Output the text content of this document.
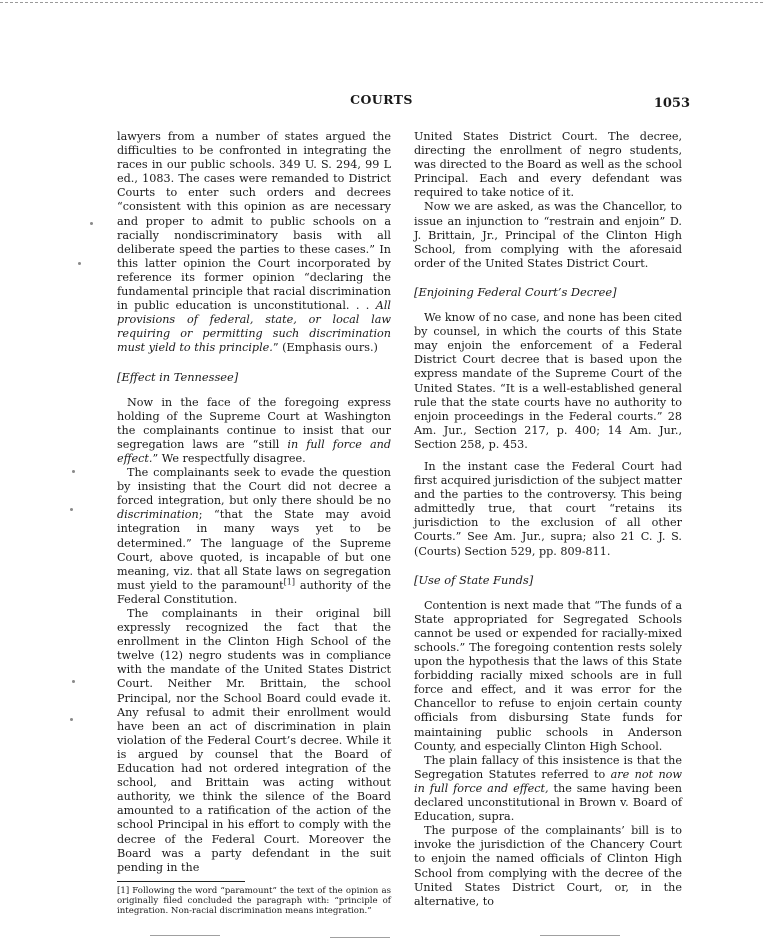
COURTS	1053

lawyers from a number of states argued the difficulties to be confronted in integrating the races in our public schools. 349 U. S. 294, 99 L ed., 1083. The cases were remanded to District Courts to enter such orders and decrees “consistent with this opinion as are necessary and proper to admit to public schools on a racially nondiscriminatory basis with all deliberate speed the parties to these cases.” In this latter opinion the Court incorporated by reference its former opinion “declaring the fundamental principle that racial discrimination in public education is unconstitutional. . . All provisions of federal, state, or local law requiring or permitting such discrimination must yield to this principle.” (Emphasis ours.)

[Effect in Tennessee]

Now in the face of the foregoing express holding of the Supreme Court at Washington the complainants continue to insist that our segregation laws are “still in full force and effect.” We respectfully disagree.

The complainants seek to evade the question by insisting that the Court did not decree a forced integration, but only there should be no discrimination; “that the State may avoid integration in many ways yet to be determined.” The language of the Supreme Court, above quoted, is incapable of but one meaning, viz. that all State laws on segregation must yield to the paramount[1] authority of the Federal Constitution.

The complainants in their original bill expressly recognized the fact that the enrollment in the Clinton High School of the twelve (12) negro students was in compliance with the mandate of the United States District Court. Neither Mr. Brittain, the school Principal, nor the School Board could evade it. Any refusal to admit their enrollment would have been an act of discrimination in plain violation of the Federal Court’s decree. While it is argued by counsel that the Board of Education had not ordered integration of the school, and Brittain was acting without authority, we think the silence of the Board amounted to a ratification of the action of the school Principal in his effort to comply with the decree of the Federal Court. Moreover the Board was a party defendant in the suit pending in the

[1] Following the word “paramount” the text of the opinion as originally filed concluded the paragraph with: “principle of integration. Non-racial discrimination means integration.”

United States District Court. The decree, directing the enrollment of negro students, was directed to the Board as well as the school Principal. Each and every defendant was required to take notice of it.

Now we are asked, as was the Chancellor, to issue an injunction to “restrain and enjoin” D. J. Brittain, Jr., Principal of the Clinton High School, from complying with the aforesaid order of the United States District Court.

[Enjoining Federal Court’s Decree]

We know of no case, and none has been cited by counsel, in which the courts of this State may enjoin the enforcement of a Federal District Court decree that is based upon the express mandate of the Supreme Court of the United States. “It is a well-established general rule that the state courts have no authority to enjoin proceedings in the Federal courts.” 28 Am. Jur., Section 217, p. 400; 14 Am. Jur., Section 258, p. 453.

In the instant case the Federal Court had first acquired jurisdiction of the subject matter and the parties to the controversy. This being admittedly true, that court “retains its jurisdiction to the exclusion of all other Courts.” See Am. Jur., supra; also 21 C. J. S. (Courts) Section 529, pp. 809-811.

[Use of State Funds]

Contention is next made that “The funds of a State appropriated for Segregated Schools cannot be used or expended for racially-mixed schools.” The foregoing contention rests solely upon the hypothesis that the laws of this State forbidding racially mixed schools are in full force and effect, and it was error for the Chancellor to refuse to enjoin certain county officials from disbursing State funds for maintaining public schools in Anderson County, and especially Clinton High School.

The plain fallacy of this insistence is that the Segregation Statutes referred to are not now in full force and effect, the same having been declared unconstitutional in Brown v. Board of Education, supra.

The purpose of the complainants’ bill is to invoke the jurisdiction of the Chancery Court to enjoin the named officials of Clinton High School from complying with the decree of the United States District Court, or, in the alternative, to
